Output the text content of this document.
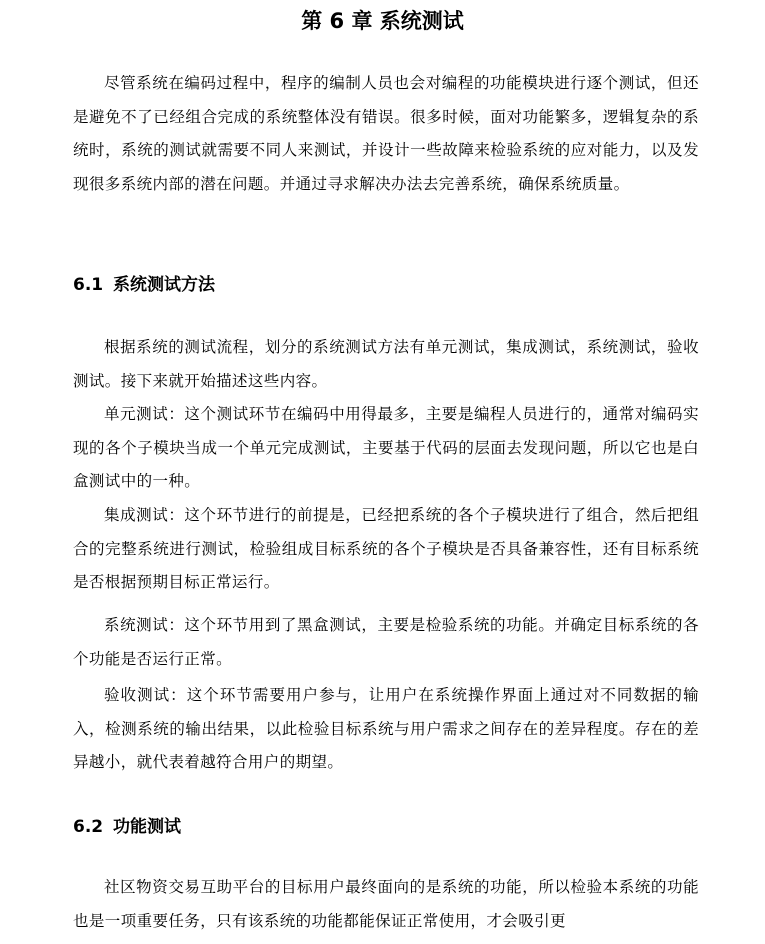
第 6 章 系统测试

尽管系统在编码过程中，程序的编制人员也会对编程的功能模块进行逐个测试，但还是避免不了已经组合完成的系统整体没有错误。很多时候，面对功能繁多，逻辑复杂的系统时，系统的测试就需要不同人来测试，并设计一些故障来检验系统的应对能力，以及发现很多系统内部的潜在问题。并通过寻求解决办法去完善系统，确保系统质量。

6.1 系统测试方法

根据系统的测试流程，划分的系统测试方法有单元测试，集成测试，系统测试，验收测试。接下来就开始描述这些内容。

单元测试：这个测试环节在编码中用得最多，主要是编程人员进行的，通常对编码实现的各个子模块当成一个单元完成测试，主要基于代码的层面去发现问题，所以它也是白盒测试中的一种。

集成测试：这个环节进行的前提是，已经把系统的各个子模块进行了组合，然后把组合的完整系统进行测试，检验组成目标系统的各个子模块是否具备兼容性，还有目标系统是否根据预期目标正常运行。

系统测试：这个环节用到了黑盒测试，主要是检验系统的功能。并确定目标系统的各个功能是否运行正常。

验收测试：这个环节需要用户参与，让用户在系统操作界面上通过对不同数据的输入，检测系统的输出结果，以此检验目标系统与用户需求之间存在的差异程度。存在的差异越小，就代表着越符合用户的期望。

6.2 功能测试

社区物资交易互助平台的目标用户最终面向的是系统的功能，所以检验本系统的功能也是一项重要任务，只有该系统的功能都能保证正常使用，才会吸引更
